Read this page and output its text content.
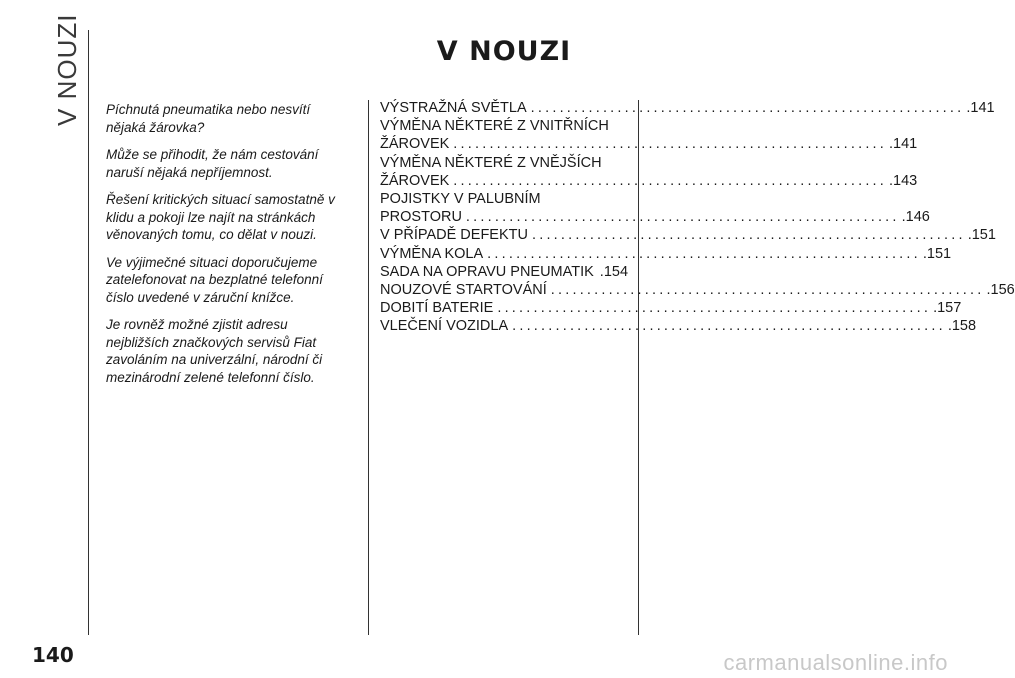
V NOUZI	V NOUZI

Píchnutá pneumatika nebo nesvítí nějaká žárovka?

Může se přihodit, že nám cestování naruší nějaká nepříjemnost.

Řešení kritických situací samostatně v klidu a pokoji lze najít na stránkách věnovaných tomu, co dělat v nouzi.

Ve výjimečné situaci doporučujeme zatelefonovat na bezplatné telefonní číslo uvedené v záruční knížce.

Je rovněž možné zjistit adresu nejbližších značkových servisů Fiat zavoláním na univerzální, národní či mezinárodní zelené telefonní číslo.

VÝSTRAŽNÁ SVĚTLA ............................................................ .141
VÝMĚNA NĚKTERÉ Z VNITŘNÍCH
ŽÁROVEK ............................................................ .141
VÝMĚNA NĚKTERÉ Z VNĚJŠÍCH
ŽÁROVEK ............................................................ .143
POJISTKY V PALUBNÍM
PROSTORU ............................................................ .146
V PŘÍPADĚ DEFEKTU ............................................................ .151
VÝMĚNA KOLA ............................................................ .151
SADA NA OPRAVU PNEUMATIK .154
NOUZOVÉ STARTOVÁNÍ ............................................................ .156
DOBITÍ BATERIE ............................................................ .157
VLEČENÍ VOZIDLA ............................................................ .158
140	carmanualsonline.info
